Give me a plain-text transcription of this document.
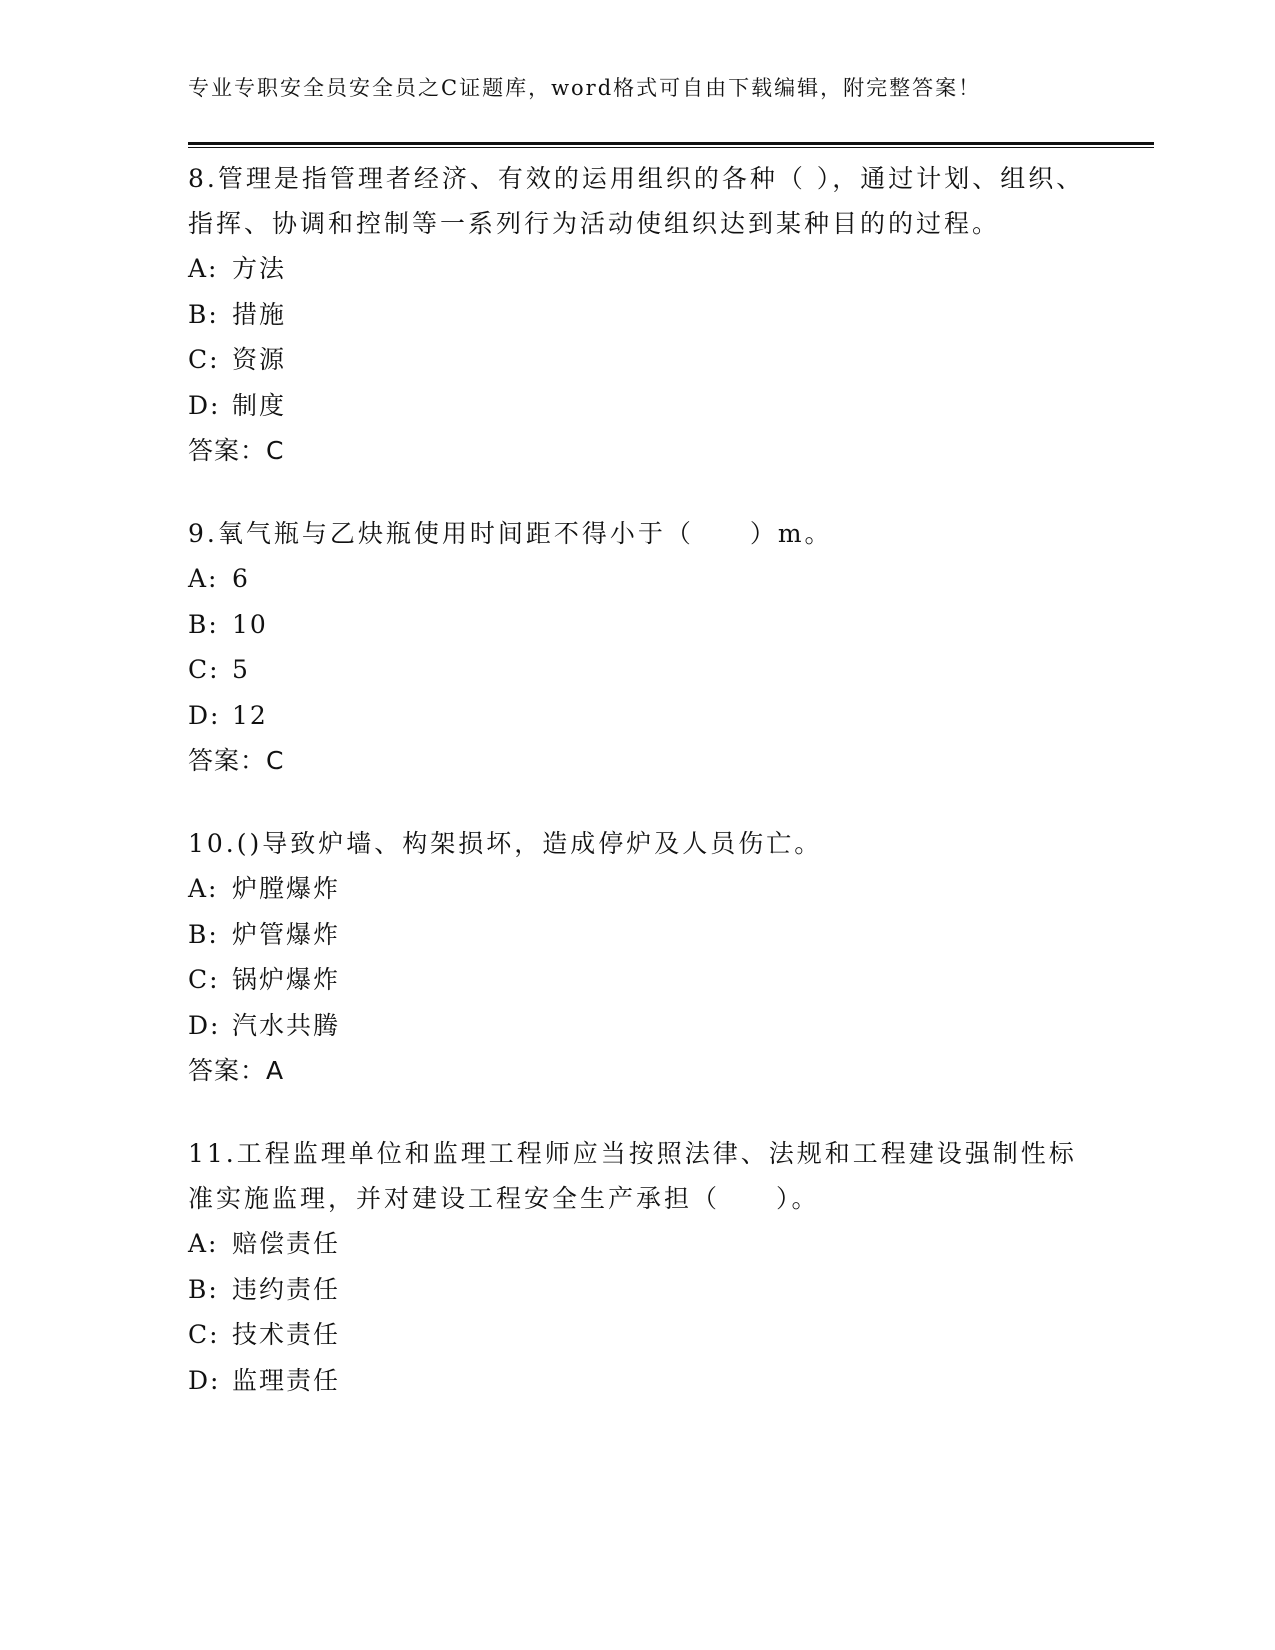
专业专职安全员安全员之C证题库，word格式可自由下载编辑，附完整答案！

8.管理是指管理者经济、有效的运用组织的各种（ ），通过计划、组织、指挥、协调和控制等一系列行为活动使组织达到某种目的的过程。

A: 方法

B: 措施

C: 资源

D: 制度

答案：C

9.氧气瓶与乙炔瓶使用时间距不得小于（　　）m。

A: 6

B: 10

C: 5

D: 12

答案：C

10.()导致炉墙、构架损坏，造成停炉及人员伤亡。

A: 炉膛爆炸

B: 炉管爆炸

C: 锅炉爆炸

D: 汽水共腾

答案：A

11.工程监理单位和监理工程师应当按照法律、法规和工程建设强制性标准实施监理，并对建设工程安全生产承担（　　）。

A: 赔偿责任

B: 违约责任

C: 技术责任

D: 监理责任
